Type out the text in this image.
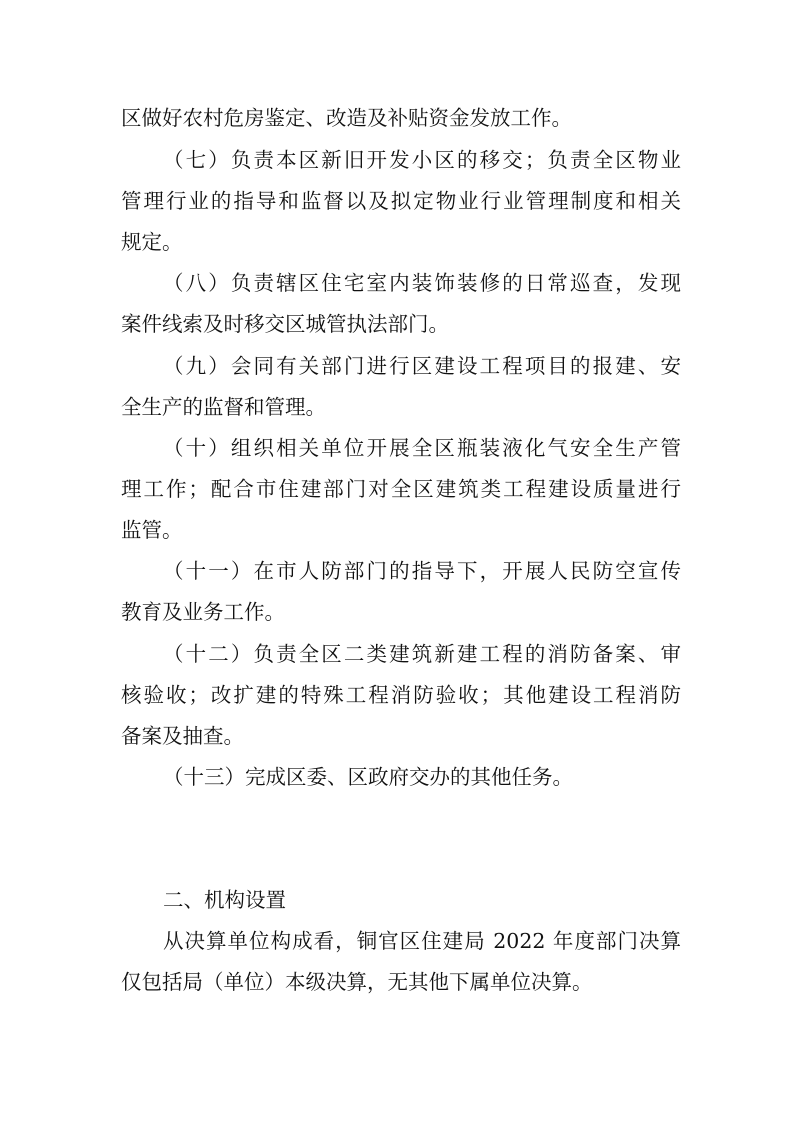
区做好农村危房鉴定、改造及补贴资金发放工作。
（七）负责本区新旧开发小区的移交；负责全区物业
管理行业的指导和监督以及拟定物业行业管理制度和相关
规定。
（八）负责辖区住宅室内装饰装修的日常巡查，发现
案件线索及时移交区城管执法部门。
（九）会同有关部门进行区建设工程项目的报建、安
全生产的监督和管理。
（十）组织相关单位开展全区瓶装液化气安全生产管
理工作；配合市住建部门对全区建筑类工程建设质量进行
监管。
（十一）在市人防部门的指导下，开展人民防空宣传
教育及业务工作。
（十二）负责全区二类建筑新建工程的消防备案、审
核验收；改扩建的特殊工程消防验收；其他建设工程消防
备案及抽查。
（十三）完成区委、区政府交办的其他任务。
二、机构设置
从决算单位构成看，铜官区住建局 2022 年度部门决算
仅包括局（单位）本级决算，无其他下属单位决算。
